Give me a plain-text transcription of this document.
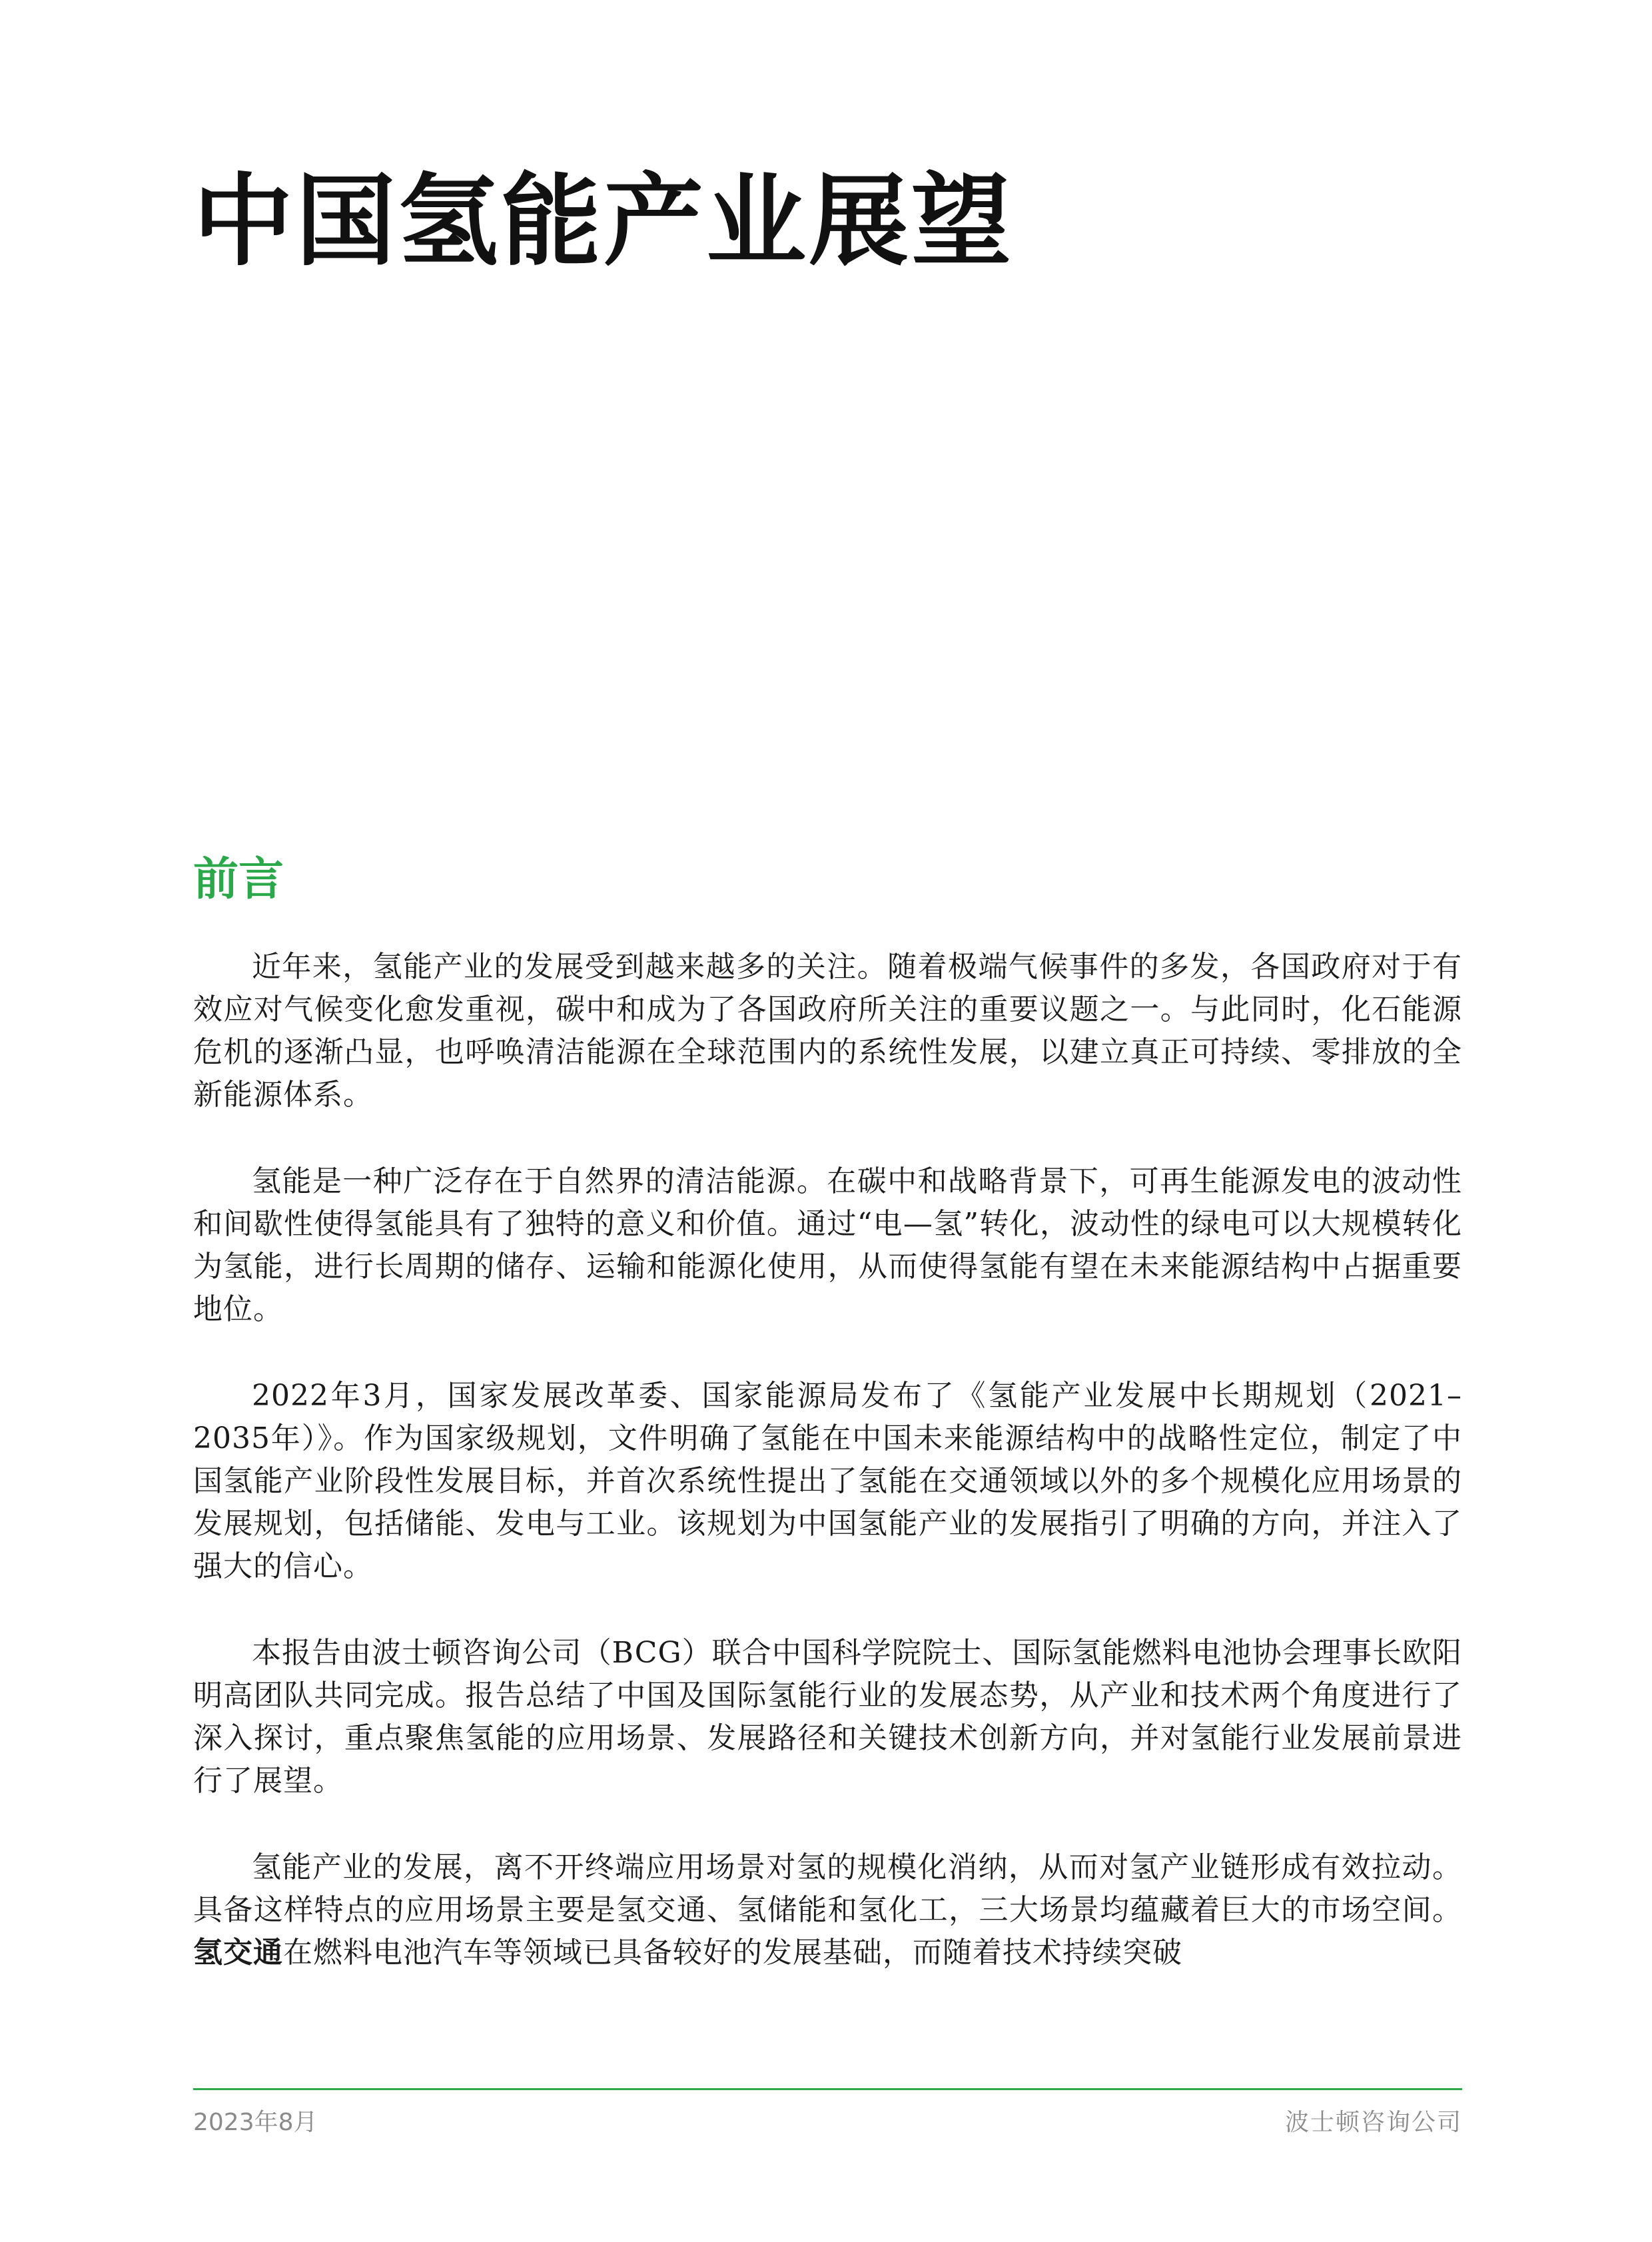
中国氢能产业展望
前言

近年来，氢能产业的发展受到越来越多的关注。随着极端气候事件的多发，各国政府对于有效应对气候变化愈发重视，碳中和成为了各国政府所关注的重要议题之一。与此同时，化石能源危机的逐渐凸显，也呼唤清洁能源在全球范围内的系统性发展，以建立真正可持续、零排放的全新能源体系。

氢能是一种广泛存在于自然界的清洁能源。在碳中和战略背景下，可再生能源发电的波动性和间歇性使得氢能具有了独特的意义和价值。通过“电—氢”转化，波动性的绿电可以大规模转化为氢能，进行长周期的储存、运输和能源化使用，从而使得氢能有望在未来能源结构中占据重要地位。

2022年3月，国家发展改革委、国家能源局发布了《氢能产业发展中长期规划（2021–2035年）》。作为国家级规划，文件明确了氢能在中国未来能源结构中的战略性定位，制定了中国氢能产业阶段性发展目标，并首次系统性提出了氢能在交通领域以外的多个规模化应用场景的发展规划，包括储能、发电与工业。该规划为中国氢能产业的发展指引了明确的方向，并注入了强大的信心。

本报告由波士顿咨询公司（BCG）联合中国科学院院士、国际氢能燃料电池协会理事长欧阳明高团队共同完成。报告总结了中国及国际氢能行业的发展态势，从产业和技术两个角度进行了深入探讨，重点聚焦氢能的应用场景、发展路径和关键技术创新方向，并对氢能行业发展前景进行了展望。

氢能产业的发展，离不开终端应用场景对氢的规模化消纳，从而对氢产业链形成有效拉动。具备这样特点的应用场景主要是氢交通、氢储能和氢化工，三大场景均蕴藏着巨大的市场空间。氢交通在燃料电池汽车等领域已具备较好的发展基础，而随着技术持续突破

2023年8月	波士顿咨询公司
